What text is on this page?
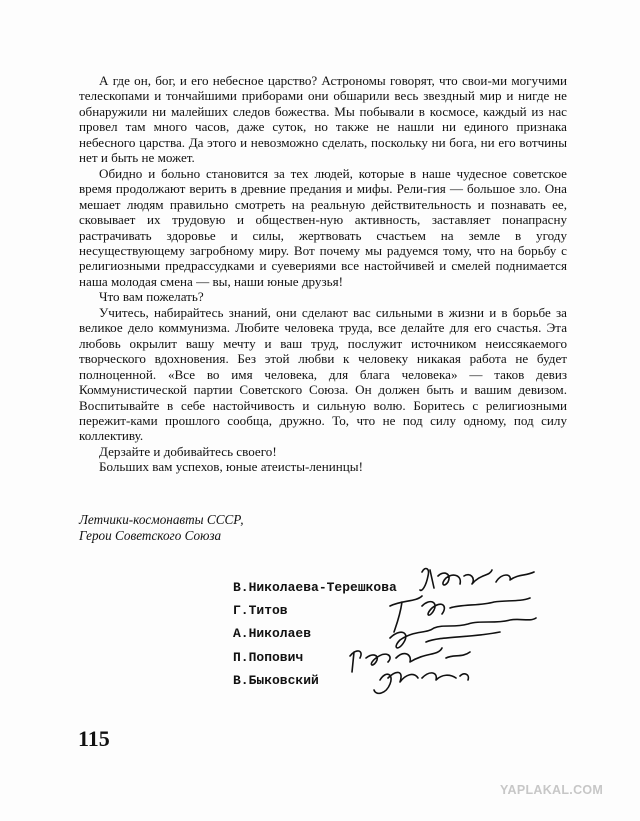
А где он, бог, и его небесное царство? Астрономы говорят, что свои-ми могучими телескопами и тончайшими приборами они обшарили весь звездный мир и нигде не обнаружили ни малейших следов божества. Мы побывали в космосе, каждый из нас провел там много часов, даже суток, но также не нашли ни единого признака небесного царства. Да этого и невозможно сделать, поскольку ни бога, ни его вотчины нет и быть не может.

Обидно и больно становится за тех людей, которые в наше чудесное советское время продолжают верить в древние предания и мифы. Рели-гия — большое зло. Она мешает людям правильно смотреть на реальную действительность и познавать ее, сковывает их трудовую и обществен-ную активность, заставляет понапрасну растрачивать здоровье и силы, жертвовать счастьем на земле в угоду несуществующему загробному миру. Вот почему мы радуемся тому, что на борьбу с религиозными предрассудками и суевериями все настойчивей и смелей поднимается наша молодая смена — вы, наши юные друзья!

Что вам пожелать?

Учитесь, набирайтесь знаний, они сделают вас сильными в жизни и в борьбе за великое дело коммунизма. Любите человека труда, все делайте для его счастья. Эта любовь окрылит вашу мечту и ваш труд, послужит источником неиссякаемого творческого вдохновения. Без этой любви к человеку никакая работа не будет полноценной. «Все во имя человека, для блага человека» — таков девиз Коммунистической партии Советского Союза. Он должен быть и вашим девизом. Воспитывайте в себе настойчивость и сильную волю. Боритесь с религиозными пережит-ками прошлого сообща, дружно. То, что не под силу одному, под силу коллективу.

Дерзайте и добивайтесь своего!

Больших вам успехов, юные атеисты-ленинцы!

Летчики-космонавты СССР,
Герои Советского Союза
В.Николаева-Терешкова
Г.Титов
А.Николаев
П.Попович
В.Быковский
115
YAPLAKAL.COM
